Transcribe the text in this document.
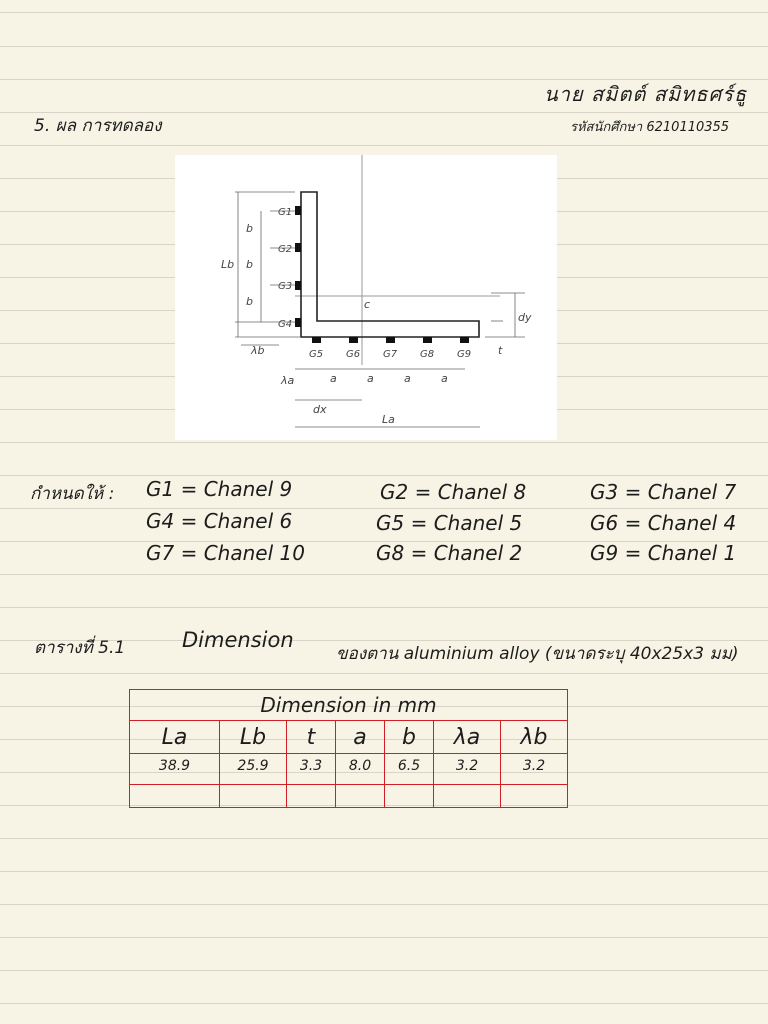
นาย สมิตต์ สมิทธศร์ธู
รหัสนักศึกษา 6210110355
5. ผล การทดลอง
G1
G2
G3
G4
G5 G6 G7 G8 G9
b
b
b
Lb
λb
dy
t
c
λa	a	a	a	a
dx
La
กำหนดให้ : G1 = Chanel 9	G2 = Chanel 8	G3 = Chanel 7
G4 = Chanel 6	G5 = Chanel 5	G6 = Chanel 4
G7 = Chanel 10	G8 = Chanel 2	G9 = Chanel 1
ตารางที่ 5.1	Dimension
ของตาน aluminium alloy (ขนาดระบุ 40x25x3 มม)
Dimension in mm						
La	Lb	t	a	b	λa	λb
38.9	25.9	3.3	8.0	6.5	3.2	3.2
